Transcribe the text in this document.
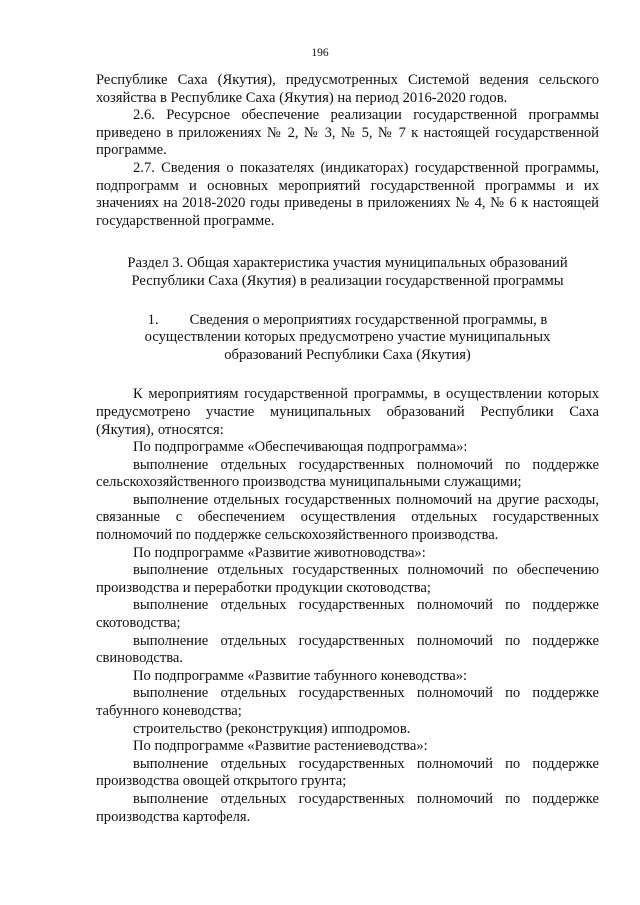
196

Республике Саха (Якутия), предусмотренных Системой ведения сельского хозяйства в Республике Саха (Якутия) на период 2016-2020 годов.

2.6. Ресурсное обеспечение реализации государственной программы приведено в приложениях № 2, № 3, № 5, № 7 к настоящей государственной программе.

2.7. Сведения о показателях (индикаторах) государственной программы, подпрограмм и основных мероприятий государственной программы и их значениях на 2018-2020 годы приведены в приложениях № 4, № 6 к настоящей государственной программе.

Раздел 3. Общая характеристика участия муниципальных образований
Республики Саха (Якутия) в реализации государственной программы

1. Сведения о мероприятиях государственной программы, в
осуществлении которых предусмотрено участие муниципальных
образований Республики Саха (Якутия)

К мероприятиям государственной программы, в осуществлении которых предусмотрено участие муниципальных образований Республики Саха (Якутия), относятся:

По подпрограмме «Обеспечивающая подпрограмма»:

выполнение отдельных государственных полномочий по поддержке сельскохозяйственного производства муниципальными служащими;

выполнение отдельных государственных полномочий на другие расходы, связанные с обеспечением осуществления отдельных государственных полномочий по поддержке сельскохозяйственного производства.

По подпрограмме «Развитие животноводства»:

выполнение отдельных государственных полномочий по обеспечению производства и переработки продукции скотоводства;

выполнение отдельных государственных полномочий по поддержке скотоводства;

выполнение отдельных государственных полномочий по поддержке свиноводства.

По подпрограмме «Развитие табунного коневодства»:

выполнение отдельных государственных полномочий по поддержке табунного коневодства;

строительство (реконструкция) ипподромов.

По подпрограмме «Развитие растениеводства»:

выполнение отдельных государственных полномочий по поддержке производства овощей открытого грунта;

выполнение отдельных государственных полномочий по поддержке производства картофеля.
